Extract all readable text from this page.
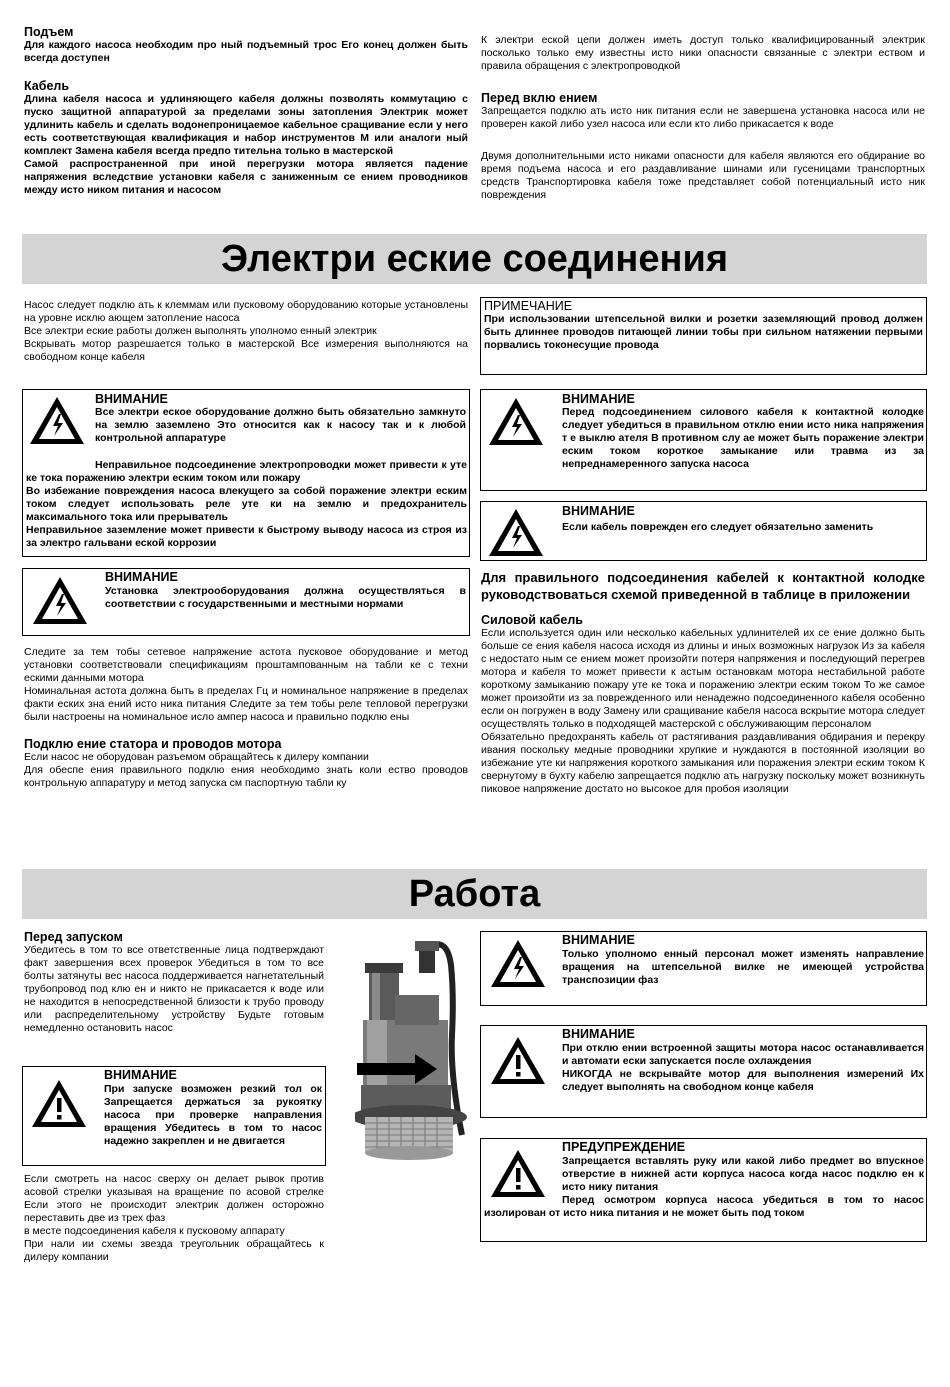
Подъем

Для каждого насоса необходим про ный подъемный трос Его конец должен быть всегда доступен

Кабель

Длина кабеля насоса и удлиняющего кабеля должны позволять коммутацию с пуско защитной аппаратурой за пределами зоны затопления Электрик может удлинить кабель и сделать водонепроницаемое кабельное сращивание если у него есть соответствующая квалификация и набор инструментов М или аналоги ный комплект Замена кабеля всегда предпо тительна только в мастерской

Самой распространенной при иной перегрузки мотора является падение напряжения вследствие установки кабеля с заниженным се ением проводников между исто ником питания и насосом

К электри еской цепи должен иметь доступ только квалифицированный электрик посколько только ему известны исто ники опасности связанные с электри еством и правила обращения с электропроводкой

Перед вклю ением

Запрещается подклю ать исто ник питания если не завершена установка насоса или не проверен какой либо узел насоса или если кто либо прикасается к воде

Двумя дополнительными исто никами опасности для кабеля являются его обдирание во время подъема насоса и его раздавливание шинами или гусеницами транспортных средств Транспортировка кабеля тоже представляет собой потенциальный исто ник повреждения

Электри еские соединения

Насос следует подклю ать к клеммам или пусковому оборудованию которые установлены на уровне исклю ающем затопление насоса

Все электри еские работы должен выполнять уполномо енный электрик

Вскрывать мотор разрешается только в мастерской Все измерения выполняются на свободном конце кабеля

ПРИМЕЧАНИЕ

При использовании штепсельной вилки и розетки заземляющий провод должен быть длиннее проводов питающей линии тобы при сильном натяжении первыми порвались токонесущие провода

ВНИМАНИЕ

Все электри еское оборудование должно быть обязательно замкнуто на землю заземлено Это относится как к насосу так и к любой контрольной аппаратуре

Неправильное подсоединение электропроводки может привести к уте ке тока поражению электри еским током или пожару

Во избежание повреждения насоса влекущего за собой поражение электри еским током следует использовать реле уте ки на землю и предохранитель максимального тока или прерыватель

Неправильное заземление может привести к быстрому выводу насоса из строя из за электро гальвани еской коррозии

ВНИМАНИЕ

Перед подсоединением силового кабеля к контактной колодке следует убедиться в правильном отклю ении исто ника напряжения т е выклю ателя В противном слу ае может быть поражение электри еским током короткое замыкание или травма из за непреднамеренного запуска насоса

ВНИМАНИЕ

Если кабель поврежден его следует обязательно заменить

ВНИМАНИЕ

Установка электрооборудования должна осуществляться в соответствии с государственными и местными нормами

Для правильного подсоединения кабелей к контактной колодке руководствоваться схемой приведенной в таблице в приложении

Силовой кабель

Если используется один или несколько кабельных удлинителей их се ение должно быть больше се ения кабеля насоса исходя из длины и иных возможных нагрузок Из за кабеля с недостато ным се ением может произойти потеря напряжения и последующий перегрев мотора и кабеля то может привести к астым остановкам мотора нестабильной работе короткому замыканию пожару уте ке тока и поражению электри еским током То же самое может произойти из за поврежденного или ненадежно подсоединенного кабеля особенно если он погружен в воду Замену или сращивание кабеля насоса вскрытие мотора следует осуществлять только в подходящей мастерской с обслуживающим персоналом

Обязательно предохранять кабель от растягивания раздавливания обдирания и перекру ивания поскольку медные проводники хрупкие и нуждаются в постоянной изоляции во избежание уте ки напряжения короткого замыкания или поражения электри еским током К свернутому в бухту кабелю запрещается подклю ать нагрузку поскольку может возникнуть пиковое напряжение достато но высокое для пробоя изоляции

Следите за тем тобы сетевое напряжение астота пусковое оборудование и метод установки соответствовали спецификациям проштампованным на табли ке с техни ескими данными мотора

Номинальная астота должна быть в пределах Гц и номинальное напряжение в пределах факти еских зна ений исто ника питания Следите за тем тобы реле тепловой перегрузки были настроены на номинальное исло ампер насоса и правильно подклю ены

Подклю ение статора и проводов мотора

Если насос не оборудован разъемом обращайтесь к дилеру компании

Для обеспе ения правильного подклю ения необходимо знать коли ество проводов контрольную аппаратуру и метод запуска см паспортную табли ку

Работа

Перед запуском

Убедитесь в том то все ответственные лица подтверждают факт завершения всех проверок Убедиться в том то все болты затянуты вес насоса поддерживается нагнетательный трубопровод под клю ен и никто не прикасается к воде или не находится в непосредственной близости к трубо проводу или распределительному устройству Будьте готовым немедленно остановить насос

ВНИМАНИЕ

При запуске возможен резкий тол ок Запрещается держаться за рукоятку насоса при проверке направления вращения Убедитесь в том то насос надежно закреплен и не двигается

Если смотреть на насос сверху он делает рывок против асовой стрелки указывая на вращение по асовой стрелке Если этого не происходит электрик должен осторожно переставить две из трех фаз

в месте подсоединения кабеля к пусковому аппарату

При нали ии схемы звезда треугольник обращайтесь к дилеру компании

ВНИМАНИЕ

Только уполномо енный персонал может изменять направление вращения на штепсельной вилке не имеющей устройства транспозиции фаз

ВНИМАНИЕ

При отклю ении встроенной защиты мотора насос останавливается и автомати ески запускается после охлаждения

НИКОГДА не вскрывайте мотор для выполнения измерений Их следует выполнять на свободном конце кабеля

ПРЕДУПРЕЖДЕНИЕ

Запрещается вставлять руку или какой либо предмет во впускное отверстие в нижней асти корпуса насоса когда насос подклю ен к исто нику питания

Перед осмотром корпуса насоса убедиться в том то насос изолирован от исто ника питания и не может быть под током
